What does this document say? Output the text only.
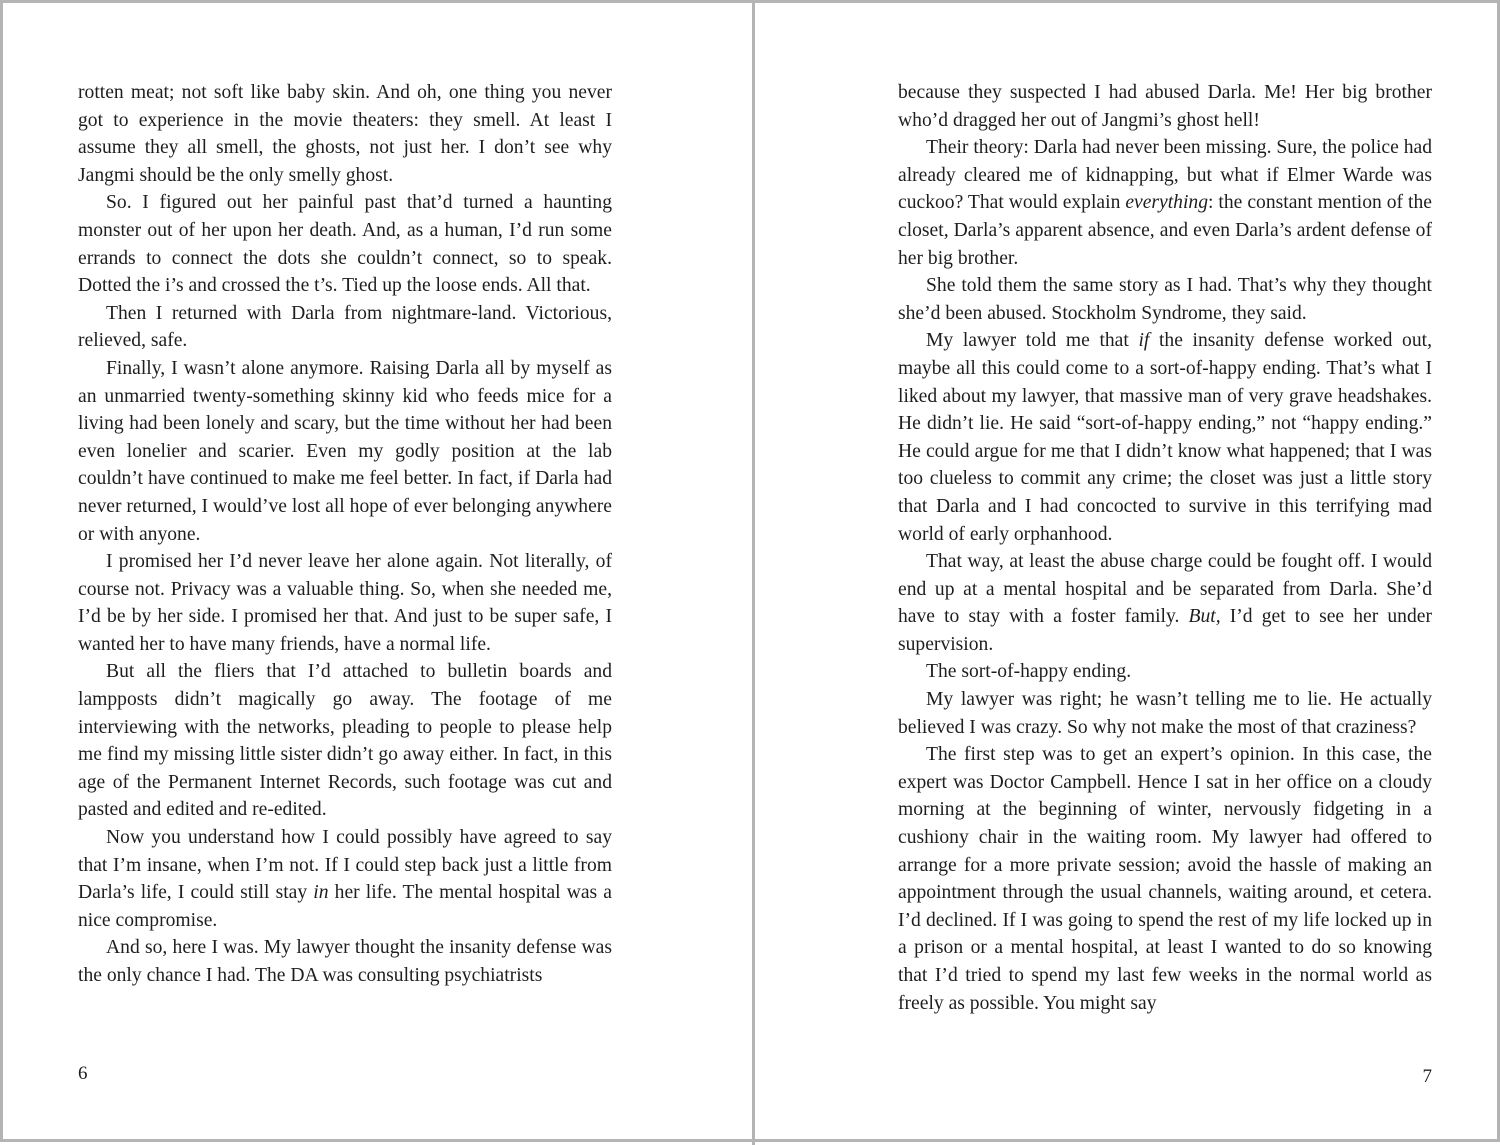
rotten meat; not soft like baby skin. And oh, one thing you never got to experience in the movie theaters: they smell. At least I assume they all smell, the ghosts, not just her. I don’t see why Jangmi should be the only smelly ghost.

So. I figured out her painful past that’d turned a haunting monster out of her upon her death. And, as a human, I’d run some errands to connect the dots she couldn’t connect, so to speak. Dotted the i’s and crossed the t’s. Tied up the loose ends. All that.

Then I returned with Darla from nightmare-land. Victorious, relieved, safe.

Finally, I wasn’t alone anymore. Raising Darla all by myself as an unmarried twenty-something skinny kid who feeds mice for a living had been lonely and scary, but the time without her had been even lonelier and scarier. Even my godly position at the lab couldn’t have continued to make me feel better. In fact, if Darla had never returned, I would’ve lost all hope of ever belonging anywhere or with anyone.

I promised her I’d never leave her alone again. Not literally, of course not. Privacy was a valuable thing. So, when she needed me, I’d be by her side. I promised her that. And just to be super safe, I wanted her to have many friends, have a normal life.

But all the fliers that I’d attached to bulletin boards and lampposts didn’t magically go away. The footage of me interviewing with the networks, pleading to people to please help me find my missing little sister didn’t go away either. In fact, in this age of the Permanent Internet Records, such footage was cut and pasted and edited and re-edited.

Now you understand how I could possibly have agreed to say that I’m insane, when I’m not. If I could step back just a little from Darla’s life, I could still stay in her life. The mental hospital was a nice compromise.

And so, here I was. My lawyer thought the insanity defense was the only chance I had. The DA was consulting psychiatrists

6

because they suspected I had abused Darla. Me! Her big brother who’d dragged her out of Jangmi’s ghost hell!

Their theory: Darla had never been missing. Sure, the police had already cleared me of kidnapping, but what if Elmer Warde was cuckoo? That would explain everything: the constant mention of the closet, Darla’s apparent absence, and even Darla’s ardent defense of her big brother.

She told them the same story as I had. That’s why they thought she’d been abused. Stockholm Syndrome, they said.

My lawyer told me that if the insanity defense worked out, maybe all this could come to a sort-of-happy ending. That’s what I liked about my lawyer, that massive man of very grave headshakes. He didn’t lie. He said “sort-of-happy ending,” not “happy ending.” He could argue for me that I didn’t know what happened; that I was too clueless to commit any crime; the closet was just a little story that Darla and I had concocted to survive in this terrifying mad world of early orphanhood.

That way, at least the abuse charge could be fought off. I would end up at a mental hospital and be separated from Darla. She’d have to stay with a foster family. But, I’d get to see her under supervision.

The sort-of-happy ending.

My lawyer was right; he wasn’t telling me to lie. He actually believed I was crazy. So why not make the most of that craziness?

The first step was to get an expert’s opinion. In this case, the expert was Doctor Campbell. Hence I sat in her office on a cloudy morning at the beginning of winter, nervously fidgeting in a cushiony chair in the waiting room. My lawyer had offered to arrange for a more private session; avoid the hassle of making an appointment through the usual channels, waiting around, et cetera. I’d declined. If I was going to spend the rest of my life locked up in a prison or a mental hospital, at least I wanted to do so knowing that I’d tried to spend my last few weeks in the normal world as freely as possible. You might say

7
